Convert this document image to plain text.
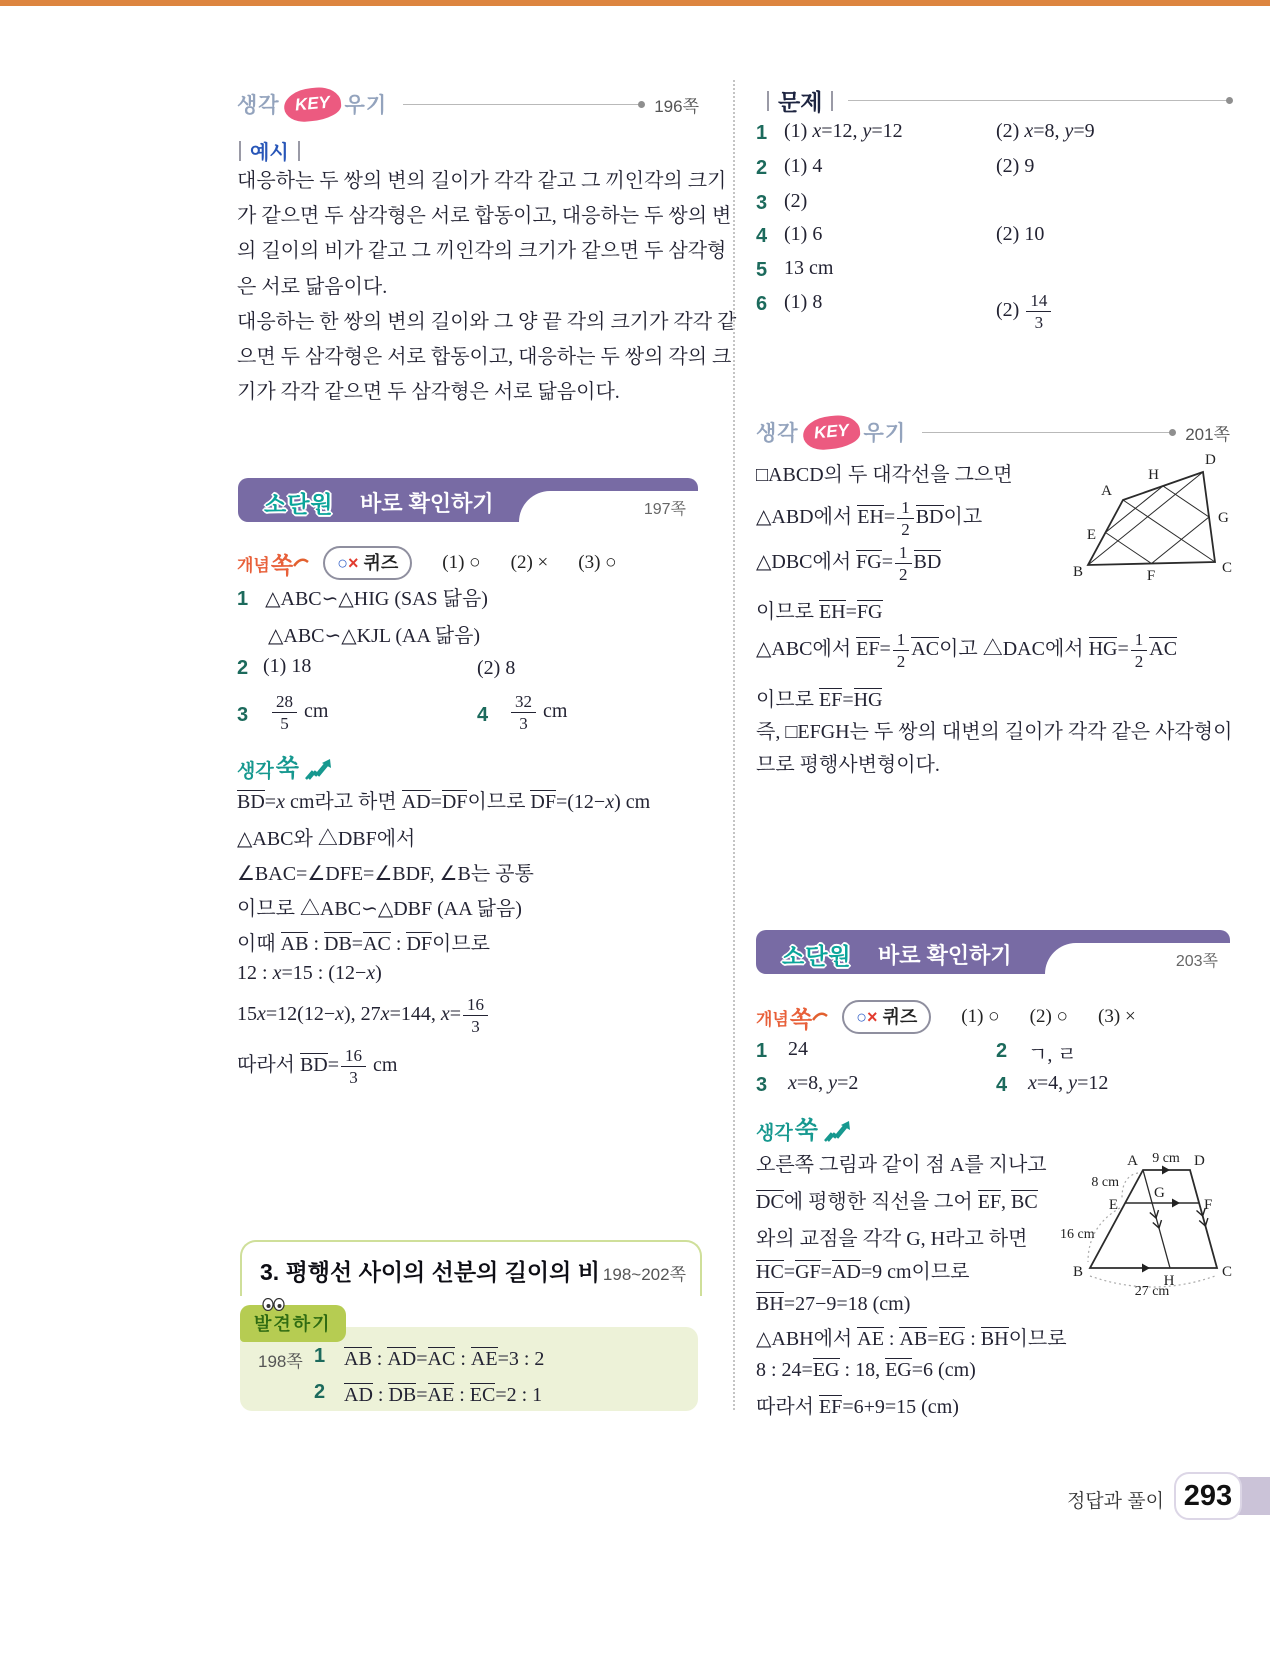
생각 KEY 우기	196쪽
예시
대응하는 두 쌍의 변의 길이가 각각 같고 그 끼인각의 크기
가 같으면 두 삼각형은 서로 합동이고, 대응하는 두 쌍의 변
의 길이의 비가 같고 그 끼인각의 크기가 같으면 두 삼각형
은 서로 닮음이다.
대응하는 한 쌍의 변의 길이와 그 양 끝 각의 크기가 각각 같
으면 두 삼각형은 서로 합동이고, 대응하는 두 쌍의 각의 크
기가 각각 같으면 두 삼각형은 서로 닮음이다.
소단원 바로 확인하기	197쪽
개념 쏙	○× 퀴즈	(1) ○ (2) × (3) ○
1 △ABC∽△HIG (SAS 닮음)
△ABC∽△KJL (AA 닮음)
2 (1) 18	(2) 8
$3 \frac{28}{5}$ cm	$4 \frac{32}{3}$ cm
생각 쑥
BD=x cm라고 하면 AD=DF이므로 DF=(12−x) cm
△ABC와 △DBF에서
∠BAC=∠DFE=∠BDF, ∠B는 공통
이므로 △ABC∽△DBF (AA 닮음)
이때 AB : DB=AC : DF이므로
12 : x=15 : (12−x)
15x=12(12−x), 27x=144, $x= \frac{16}{3}$
따라서 $BD= \frac{16}{3}$ cm
3. 평행선 사이의 선분의 길이의 비 198~202쪽
발견하기
198쪽 1 AB : AD=AC : AE=3 : 2
2 AD : DB=AE : EC=2 : 1
문제
1 (1) x=12, y=12	(2) x=8, y=9
2 (1) 4	(2) 9
3 (2)
4 (1) 6	(2) 10
5 13 cm
6 (1) 8	$(2) \frac{14}{3}$
생각 KEY 우기	201쪽
□ABCD의 두 대각선을 그으면
△ABD에서 $EH= \frac{1}{2}$ BD이고
△DBC에서 $FG= \frac{1}{2}$ BD
이므로 EH=FG
△ABC에서 $EF= \frac{1}{2}$ AC이고 △DAC에서 $HG= \frac{1}{2}$ AC
이므로 EF=HG
즉, □EFGH는 두 쌍의 대변의 길이가 각각 같은 사각형이
므로 평행사변형이다.
A
B	C
D
E
F
G
H
소단원 바로 확인하기	203쪽
개념 쏙	○× 퀴즈	(1) ○ (2) ○ (3) ×
1 24	2 ㄱ, ㄹ
3 x=8, y=2	4 x=4, y=12
생각 쑥
오른쪽 그림과 같이 점 A를 지나고
DC에 평행한 직선을 그어 EF, BC
와의 교점을 각각 G, H라고 하면
HC=GF=AD=9 cm이므로
BH=27−9=18 (cm)
△ABH에서 AE : AB=EG : BH이므로
8 : 24=EG : 18, EG=6 (cm)
따라서 EF=6+9=15 (cm)
A	D
9 cm
8 cm
E
G
F
B
H
C
16 cm
27 cm
정답과 풀이 293
